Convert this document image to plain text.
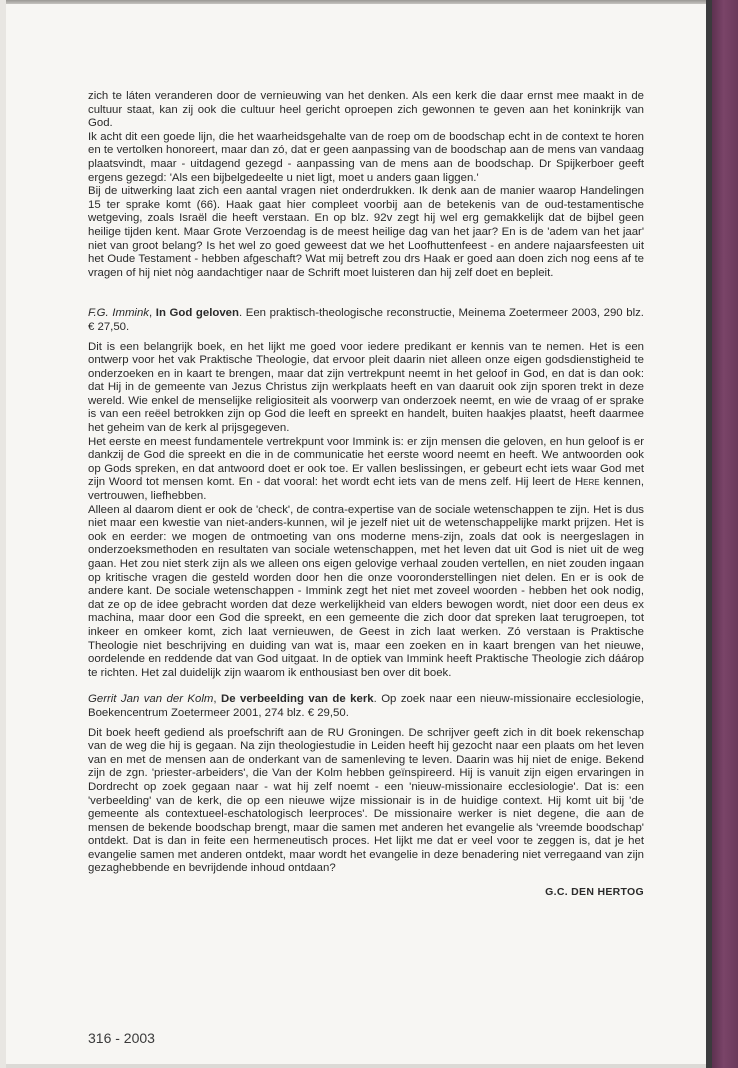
zich te láten veranderen door de vernieuwing van het denken. Als een kerk die daar ernst mee maakt in de cultuur staat, kan zij ook die cultuur heel gericht oproepen zich gewonnen te geven aan het koninkrijk van God.

Ik acht dit een goede lijn, die het waarheidsgehalte van de roep om de boodschap echt in de context te horen en te vertolken honoreert, maar dan zó, dat er geen aanpassing van de boodschap aan de mens van vandaag plaatsvindt, maar - uitdagend gezegd - aanpassing van de mens aan de boodschap. Dr Spijkerboer geeft ergens gezegd: 'Als een bijbelgedeelte u niet ligt, moet u anders gaan liggen.'

Bij de uitwerking laat zich een aantal vragen niet onderdrukken. Ik denk aan de manier waarop Handelingen 15 ter sprake komt (66). Haak gaat hier compleet voorbij aan de betekenis van de oud-testamentische wetgeving, zoals Israël die heeft verstaan. En op blz. 92v zegt hij wel erg gemakkelijk dat de bijbel geen heilige tijden kent. Maar Grote Verzoendag is de meest heilige dag van het jaar? En is de 'adem van het jaar' niet van groot belang? Is het wel zo goed geweest dat we het Loofhuttenfeest - en andere najaarsfeesten uit het Oude Testament - hebben afgeschaft? Wat mij betreft zou drs Haak er goed aan doen zich nog eens af te vragen of hij niet nòg aandachtiger naar de Schrift moet luisteren dan hij zelf doet en bepleit.

F.G. Immink, In God geloven. Een praktisch-theologische reconstructie, Meinema Zoetermeer 2003, 290 blz. € 27,50.

Dit is een belangrijk boek, en het lijkt me goed voor iedere predikant er kennis van te nemen. Het is een ontwerp voor het vak Praktische Theologie, dat ervoor pleit daarin niet alleen onze eigen godsdienstigheid te onderzoeken en in kaart te brengen, maar dat zijn vertrekpunt neemt in het geloof in God, en dat is dan ook: dat Hij in de gemeente van Jezus Christus zijn werkplaats heeft en van daaruit ook zijn sporen trekt in deze wereld. Wie enkel de menselijke religiositeit als voorwerp van onderzoek neemt, en wie de vraag of er sprake is van een reëel betrokken zijn op God die leeft en spreekt en handelt, buiten haakjes plaatst, heeft daarmee het geheim van de kerk al prijsgegeven.

Het eerste en meest fundamentele vertrekpunt voor Immink is: er zijn mensen die geloven, en hun geloof is er dankzij de God die spreekt en die in de communicatie het eerste woord neemt en heeft. We antwoorden ook op Gods spreken, en dat antwoord doet er ook toe. Er vallen beslissingen, er gebeurt echt iets waar God met zijn Woord tot mensen komt. En - dat vooral: het wordt echt iets van de mens zelf. Hij leert de Here kennen, vertrouwen, liefhebben.

Alleen al daarom dient er ook de 'check', de contra-expertise van de sociale wetenschappen te zijn. Het is dus niet maar een kwestie van niet-anders-kunnen, wil je jezelf niet uit de wetenschappelijke markt prijzen. Het is ook en eerder: we mogen de ontmoeting van ons moderne mens-zijn, zoals dat ook is neergeslagen in onderzoeksmethoden en resultaten van sociale wetenschappen, met het leven dat uit God is niet uit de weg gaan. Het zou niet sterk zijn als we alleen ons eigen gelovige verhaal zouden vertellen, en niet zouden ingaan op kritische vragen die gesteld worden door hen die onze vooronderstellingen niet delen. En er is ook de andere kant. De sociale wetenschappen - Immink zegt het niet met zoveel woorden - hebben het ook nodig, dat ze op de idee gebracht worden dat deze werkelijkheid van elders bewogen wordt, niet door een deus ex machina, maar door een God die spreekt, en een gemeente die zich door dat spreken laat terugroepen, tot inkeer en omkeer komt, zich laat vernieuwen, de Geest in zich laat werken. Zó verstaan is Praktische Theologie niet beschrijving en duiding van wat is, maar een zoeken en in kaart brengen van het nieuwe, oordelende en reddende dat van God uitgaat. In de optiek van Immink heeft Praktische Theologie zich dáárop te richten. Het zal duidelijk zijn waarom ik enthousiast ben over dit boek.

Gerrit Jan van der Kolm, De verbeelding van de kerk. Op zoek naar een nieuw-missionaire ecclesiologie, Boekencentrum Zoetermeer 2001, 274 blz. € 29,50.

Dit boek heeft gediend als proefschrift aan de RU Groningen. De schrijver geeft zich in dit boek rekenschap van de weg die hij is gegaan. Na zijn theologiestudie in Leiden heeft hij gezocht naar een plaats om het leven van en met de mensen aan de onderkant van de samenleving te leven. Daarin was hij niet de enige. Bekend zijn de zgn. 'priester-arbeiders', die Van der Kolm hebben geïnspireerd. Hij is vanuit zijn eigen ervaringen in Dordrecht op zoek gegaan naar - wat hij zelf noemt - een 'nieuw-missionaire ecclesiologie'. Dat is: een 'verbeelding' van de kerk, die op een nieuwe wijze missionair is in de huidige context. Hij komt uit bij 'de gemeente als contextueel-eschatologisch leerproces'. De missionaire werker is niet degene, die aan de mensen de bekende boodschap brengt, maar die samen met anderen het evangelie als 'vreemde boodschap' ontdekt. Dat is dan in feite een hermeneutisch proces. Het lijkt me dat er veel voor te zeggen is, dat je het evangelie samen met anderen ontdekt, maar wordt het evangelie in deze benadering niet verregaand van zijn gezaghebbende en bevrijdende inhoud ontdaan?

G.C. DEN HERTOG

316 - 2003
